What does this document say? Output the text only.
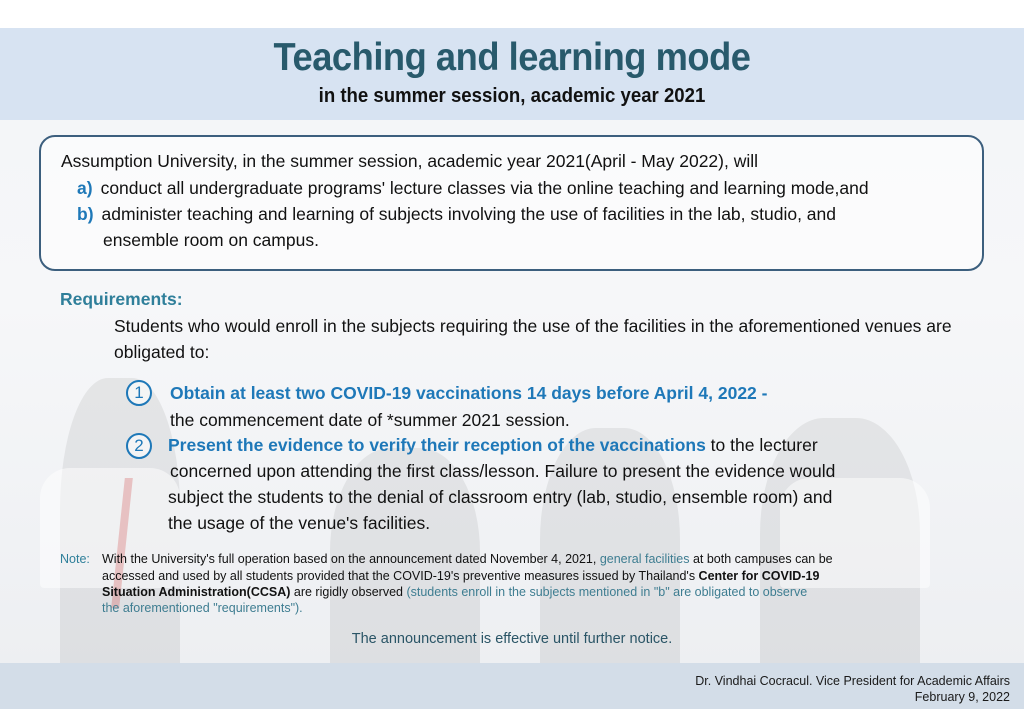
Teaching and learning mode
in the summer session, academic year 2021
Assumption University, in the summer session, academic year 2021(April - May 2022), will
a) conduct all undergraduate programs' lecture classes via the online teaching and learning mode,and
b) administer teaching and learning of subjects involving the use of facilities in the lab, studio, and
ensemble room on campus.
Requirements:
Students who would enroll in the subjects requiring the use of the facilities in the aforementioned venues are obligated to:
1	Obtain at least two COVID-19 vaccinations 14 days before April 4, 2022 -
the commencement date of *summer 2021 session.
2	Present the evidence to verify their reception of the vaccinations to the lecturer
concerned upon attending the first class/lesson. Failure to present the evidence would
subject the students to the denial of classroom entry (lab, studio, ensemble room) and
the usage of the venue's facilities.
Note: With the University's full operation based on the announcement dated November 4, 2021, general facilities at both campuses can be
accessed and used by all students provided that the COVID-19's preventive measures issued by Thailand's Center for COVID-19
Situation Administration(CCSA) are rigidly observed (students enroll in the subjects mentioned in "b" are obligated to observe
the aforementioned "requirements").
The announcement is effective until further notice.
Dr. Vindhai Cocracul. Vice President for Academic Affairs
February 9, 2022
